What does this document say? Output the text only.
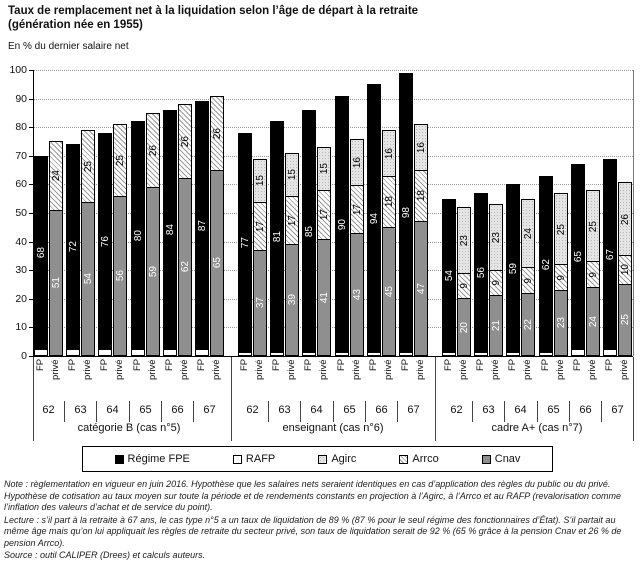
Taux de remplacement net à la liquidation selon l’âge de départ à la retraite
(génération née en 1955)
En % du dernier salaire net
0
10
20
30
40
50
60
70
80
90
100
68
24
51
FP privé
62
72
25
54
FP privé
63
76
25
56
FP privé
64
80
26
59
FP privé
65
84
26
62
FP privé
66
87
26
65
FP privé
67
catégorie B (cas n°5)
77
15
17
37
FP privé
62
81
15
17
39
FP privé
63
85
15
17
41
FP privé
64
90
16
17
43
FP privé
65
94
16
18
45
FP privé
66
98
16
18
47
FP privé
67
enseignant (cas n°6)
54
23
9
20
FP privé
62
56
23
9
21
FP privé
63
59
24
9
22
FP privé
64
62
25
9
23
FP privé
65
65
25
9
24
FP privé
66
67
26
10
25
FP privé
67
cadre A+ (cas n°7)
Régime FPE	RAFP	Agirc	Arrco	Cnav

Note : règlementation en vigueur en juin 2016. Hypothèse que les salaires nets seraient identiques en cas d’application des règles du public ou du privé. Hypothèse de cotisation au taux moyen sur toute la période et de rendements constants en projection à l’Agirc, à l’Arrco et au RAFP (revalorisation comme l’inflation des valeurs d’achat et de service du point).

Lecture : s’il part à la retraite à 67 ans, le cas type n°5 a un taux de liquidation de 89 % (87 % pour le seul régime des fonctionnaires d’État). S’il partait au même âge mais qu’on lui appliquait les règles de retraite du secteur privé, son taux de liquidation serait de 92 % (65 % grâce à la pension Cnav et 26 % de pension Arrco).

Source : outil CALIPER (Drees) et calculs auteurs.
